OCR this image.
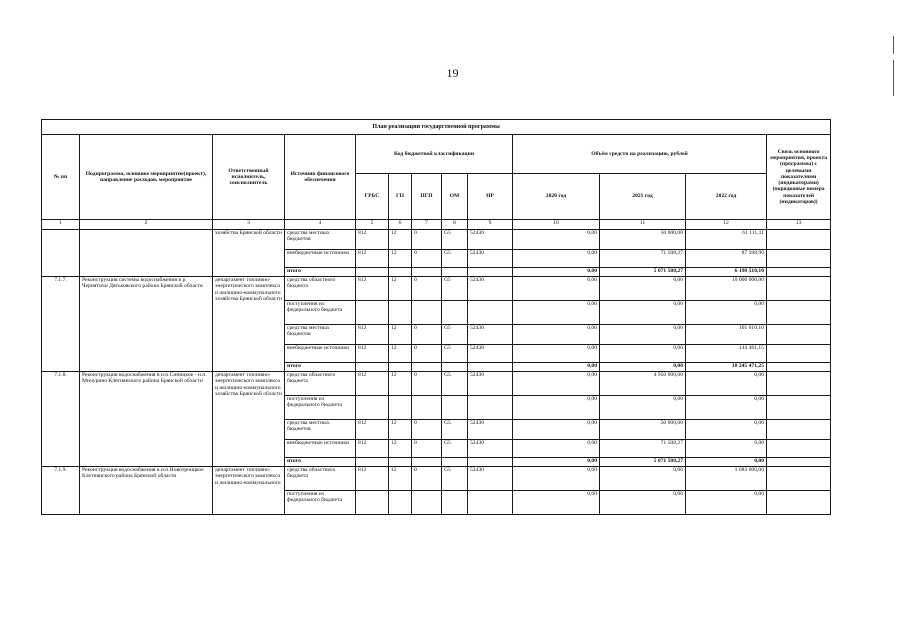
19
План реализации государственной программы												
№ пп	Подпрограмма, основное мероприятие(проект), направление расходов, мероприятие	Ответственный исполнитель, соисполнитель	Источник финансового обеспечения	Код бюджетной классификации					Объём средств на реализацию, рублей			Связь основного мероприятия, проекта (программы) с целевыми показателями (индикаторами) (порядковые номера показателей (индикаторов))
				ГРБС	ГП	ПГП	ОМ	НР	2020 год	2021 год	2022 год	
1	2	3	4	5	6	7	8	9	10	11	12	13
		хозяйства Брянской области	средства местных бюджетов	812	12	0	G5	52430	0,00	50 000,00	61 111,11	
			внебюджетные источники	812	12	0	G5	52430	0,00	71 508,27	87 398,90	
			итого						0,00	5 071 508,27	6 198 510,10	
7.1.7.	Реконструкция системы водоснабжения в р. Чернятичи Дятьковского района Брянской области	департамент топливно-энергетического комплекса и жилищно-коммунального хозяйства Брянской области	средства областного бюджета	812	12	0	G5	52430	0,00	0,00	10 000 000,00	
			поступления из федерального бюджета						0,00	0,00	0,00	
			средства местных бюджетов	812	12	0	G5	52430	0,00	0,00	101 010,10	
			внебюджетные источники	812	12	0	G5	52430	0,00	0,00	144 461,15	
			итого						0,00	0,00	10 245 471,25	
7.1.8.	Реконструкция водоснабжения в н.п.Синицкое - н.п. Мичурино Клетнянского района Брянской области	департамент топливно-энергетического комплекса и жилищно-коммунального хозяйства Брянской области	средства областного бюджета	812	12	0	G5	52430	0,00	4 950 000,00	0,00	
			поступления из федерального бюджета						0,00	0,00	0,00	
			средства местных бюджетов	812	12	0	G5	52430	0,00	50 000,00	0,00	
			внебюджетные источники	812	12	0	G5	52430	0,00	71 508,27	0,00	
			итого						0,00	5 071 508,27	0,00	
7.1.9.	Реконструкция водоснабжения в н.п.Новотроицкое Клетнянского района Брянской области	департамент топливно-энергетического комплекса и жилищно-коммунального	средства областного бюджета	812	12	0	G5	52430	0,00	0,00	1 683 000,00	
			поступления из федерального бюджета						0,00	0,00	0,00	
